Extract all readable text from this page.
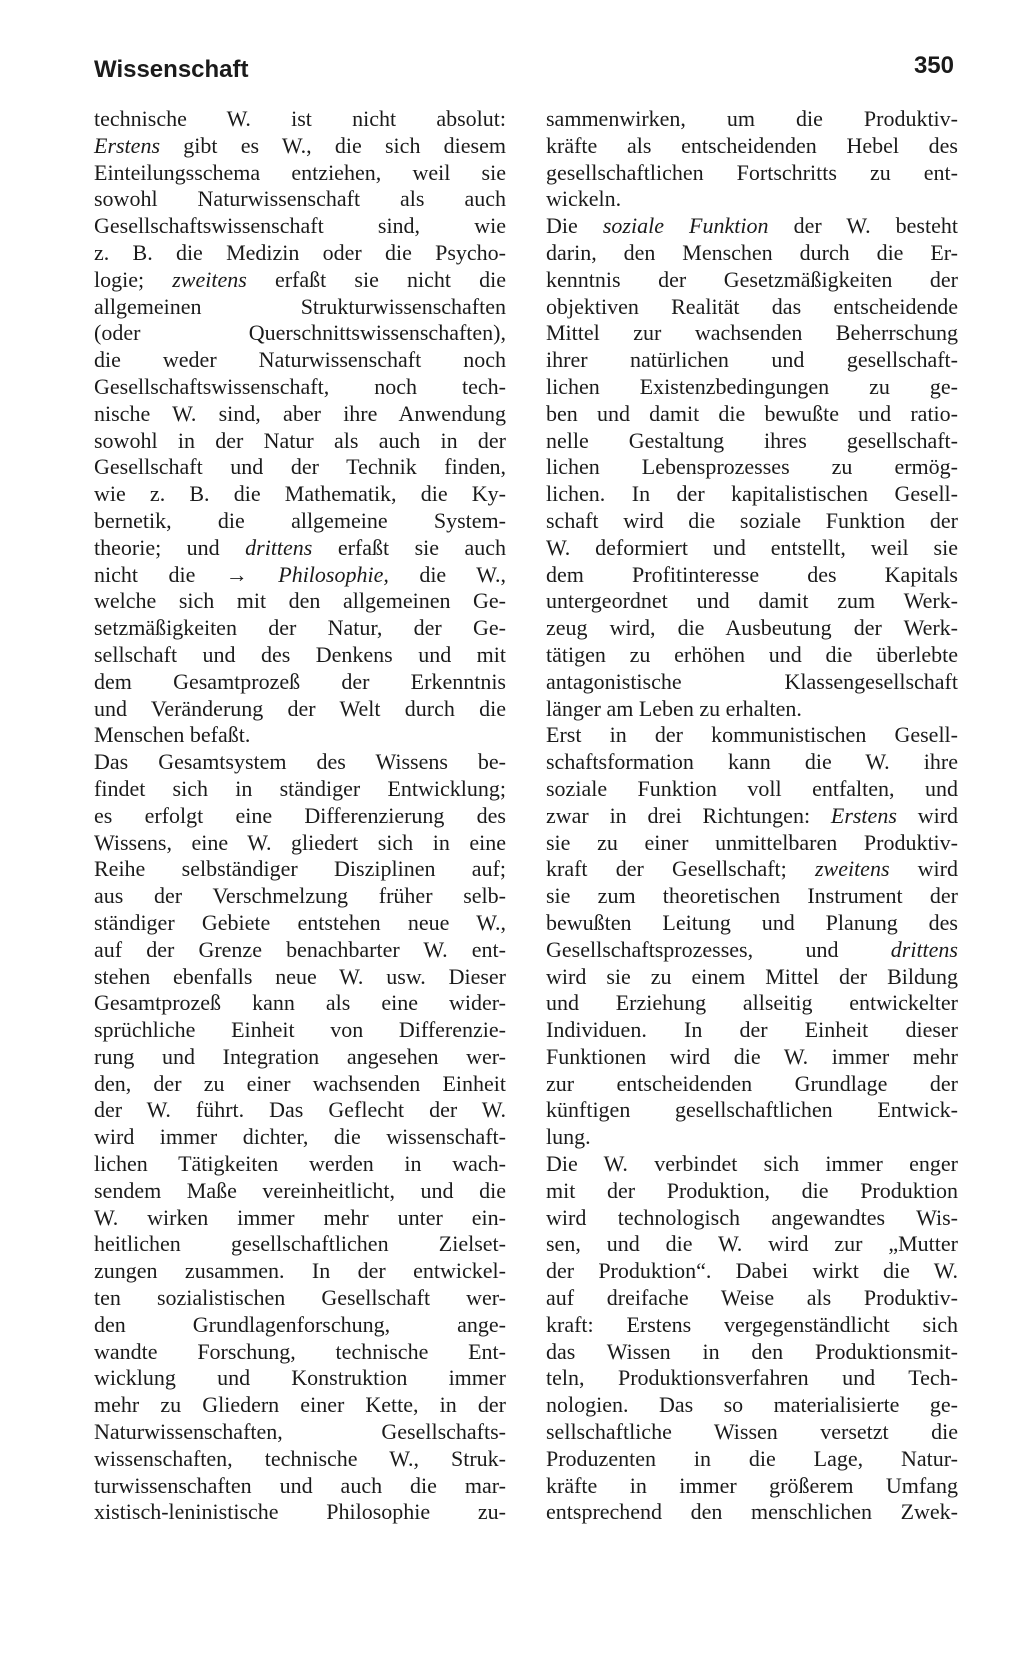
Wissenschaft	350
technische W. ist nicht absolut:
Erstens gibt es W., die sich diesem
Einteilungsschema entziehen, weil sie
sowohl Naturwissenschaft als auch
Gesellschaftswissenschaft sind, wie
z. B. die Medizin oder die Psycho-
logie; zweitens erfaßt sie nicht die
allgemeinen Strukturwissenschaften
(oder Querschnittswissenschaften),
die weder Naturwissenschaft noch
Gesellschaftswissenschaft, noch tech-
nische W. sind, aber ihre Anwendung
sowohl in der Natur als auch in der
Gesellschaft und der Technik finden,
wie z. B. die Mathematik, die Ky-
bernetik, die allgemeine System-
theorie; und drittens erfaßt sie auch
nicht die → Philosophie, die W.,
welche sich mit den allgemeinen Ge-
setzmäßigkeiten der Natur, der Ge-
sellschaft und des Denkens und mit
dem Gesamtprozeß der Erkenntnis
und Veränderung der Welt durch die
Menschen befaßt.
Das Gesamtsystem des Wissens be-
findet sich in ständiger Entwicklung;
es erfolgt eine Differenzierung des
Wissens, eine W. gliedert sich in eine
Reihe selbständiger Disziplinen auf;
aus der Verschmelzung früher selb-
ständiger Gebiete entstehen neue W.,
auf der Grenze benachbarter W. ent-
stehen ebenfalls neue W. usw. Dieser
Gesamtprozeß kann als eine wider-
sprüchliche Einheit von Differenzie-
rung und Integration angesehen wer-
den, der zu einer wachsenden Einheit
der W. führt. Das Geflecht der W.
wird immer dichter, die wissenschaft-
lichen Tätigkeiten werden in wach-
sendem Maße vereinheitlicht, und die
W. wirken immer mehr unter ein-
heitlichen gesellschaftlichen Zielset-
zungen zusammen. In der entwickel-
ten sozialistischen Gesellschaft wer-
den Grundlagenforschung, ange-
wandte Forschung, technische Ent-
wicklung und Konstruktion immer
mehr zu Gliedern einer Kette, in der
Naturwissenschaften, Gesellschafts-
wissenschaften, technische W., Struk-
turwissenschaften und auch die mar-
xistisch-leninistische Philosophie zu-
sammenwirken, um die Produktiv-
kräfte als entscheidenden Hebel des
gesellschaftlichen Fortschritts zu ent-
wickeln.
Die soziale Funktion der W. besteht
darin, den Menschen durch die Er-
kenntnis der Gesetzmäßigkeiten der
objektiven Realität das entscheidende
Mittel zur wachsenden Beherrschung
ihrer natürlichen und gesellschaft-
lichen Existenzbedingungen zu ge-
ben und damit die bewußte und ratio-
nelle Gestaltung ihres gesellschaft-
lichen Lebensprozesses zu ermög-
lichen. In der kapitalistischen Gesell-
schaft wird die soziale Funktion der
W. deformiert und entstellt, weil sie
dem Profitinteresse des Kapitals
untergeordnet und damit zum Werk-
zeug wird, die Ausbeutung der Werk-
tätigen zu erhöhen und die überlebte
antagonistische Klassengesellschaft
länger am Leben zu erhalten.
Erst in der kommunistischen Gesell-
schaftsformation kann die W. ihre
soziale Funktion voll entfalten, und
zwar in drei Richtungen: Erstens wird
sie zu einer unmittelbaren Produktiv-
kraft der Gesellschaft; zweitens wird
sie zum theoretischen Instrument der
bewußten Leitung und Planung des
Gesellschaftsprozesses, und drittens
wird sie zu einem Mittel der Bildung
und Erziehung allseitig entwickelter
Individuen. In der Einheit dieser
Funktionen wird die W. immer mehr
zur entscheidenden Grundlage der
künftigen gesellschaftlichen Entwick-
lung.
Die W. verbindet sich immer enger
mit der Produktion, die Produktion
wird technologisch angewandtes Wis-
sen, und die W. wird zur „Mutter
der Produktion“. Dabei wirkt die W.
auf dreifache Weise als Produktiv-
kraft: Erstens vergegenständlicht sich
das Wissen in den Produktionsmit-
teln, Produktionsverfahren und Tech-
nologien. Das so materialisierte ge-
sellschaftliche Wissen versetzt die
Produzenten in die Lage, Natur-
kräfte in immer größerem Umfang
entsprechend den menschlichen Zwek-
